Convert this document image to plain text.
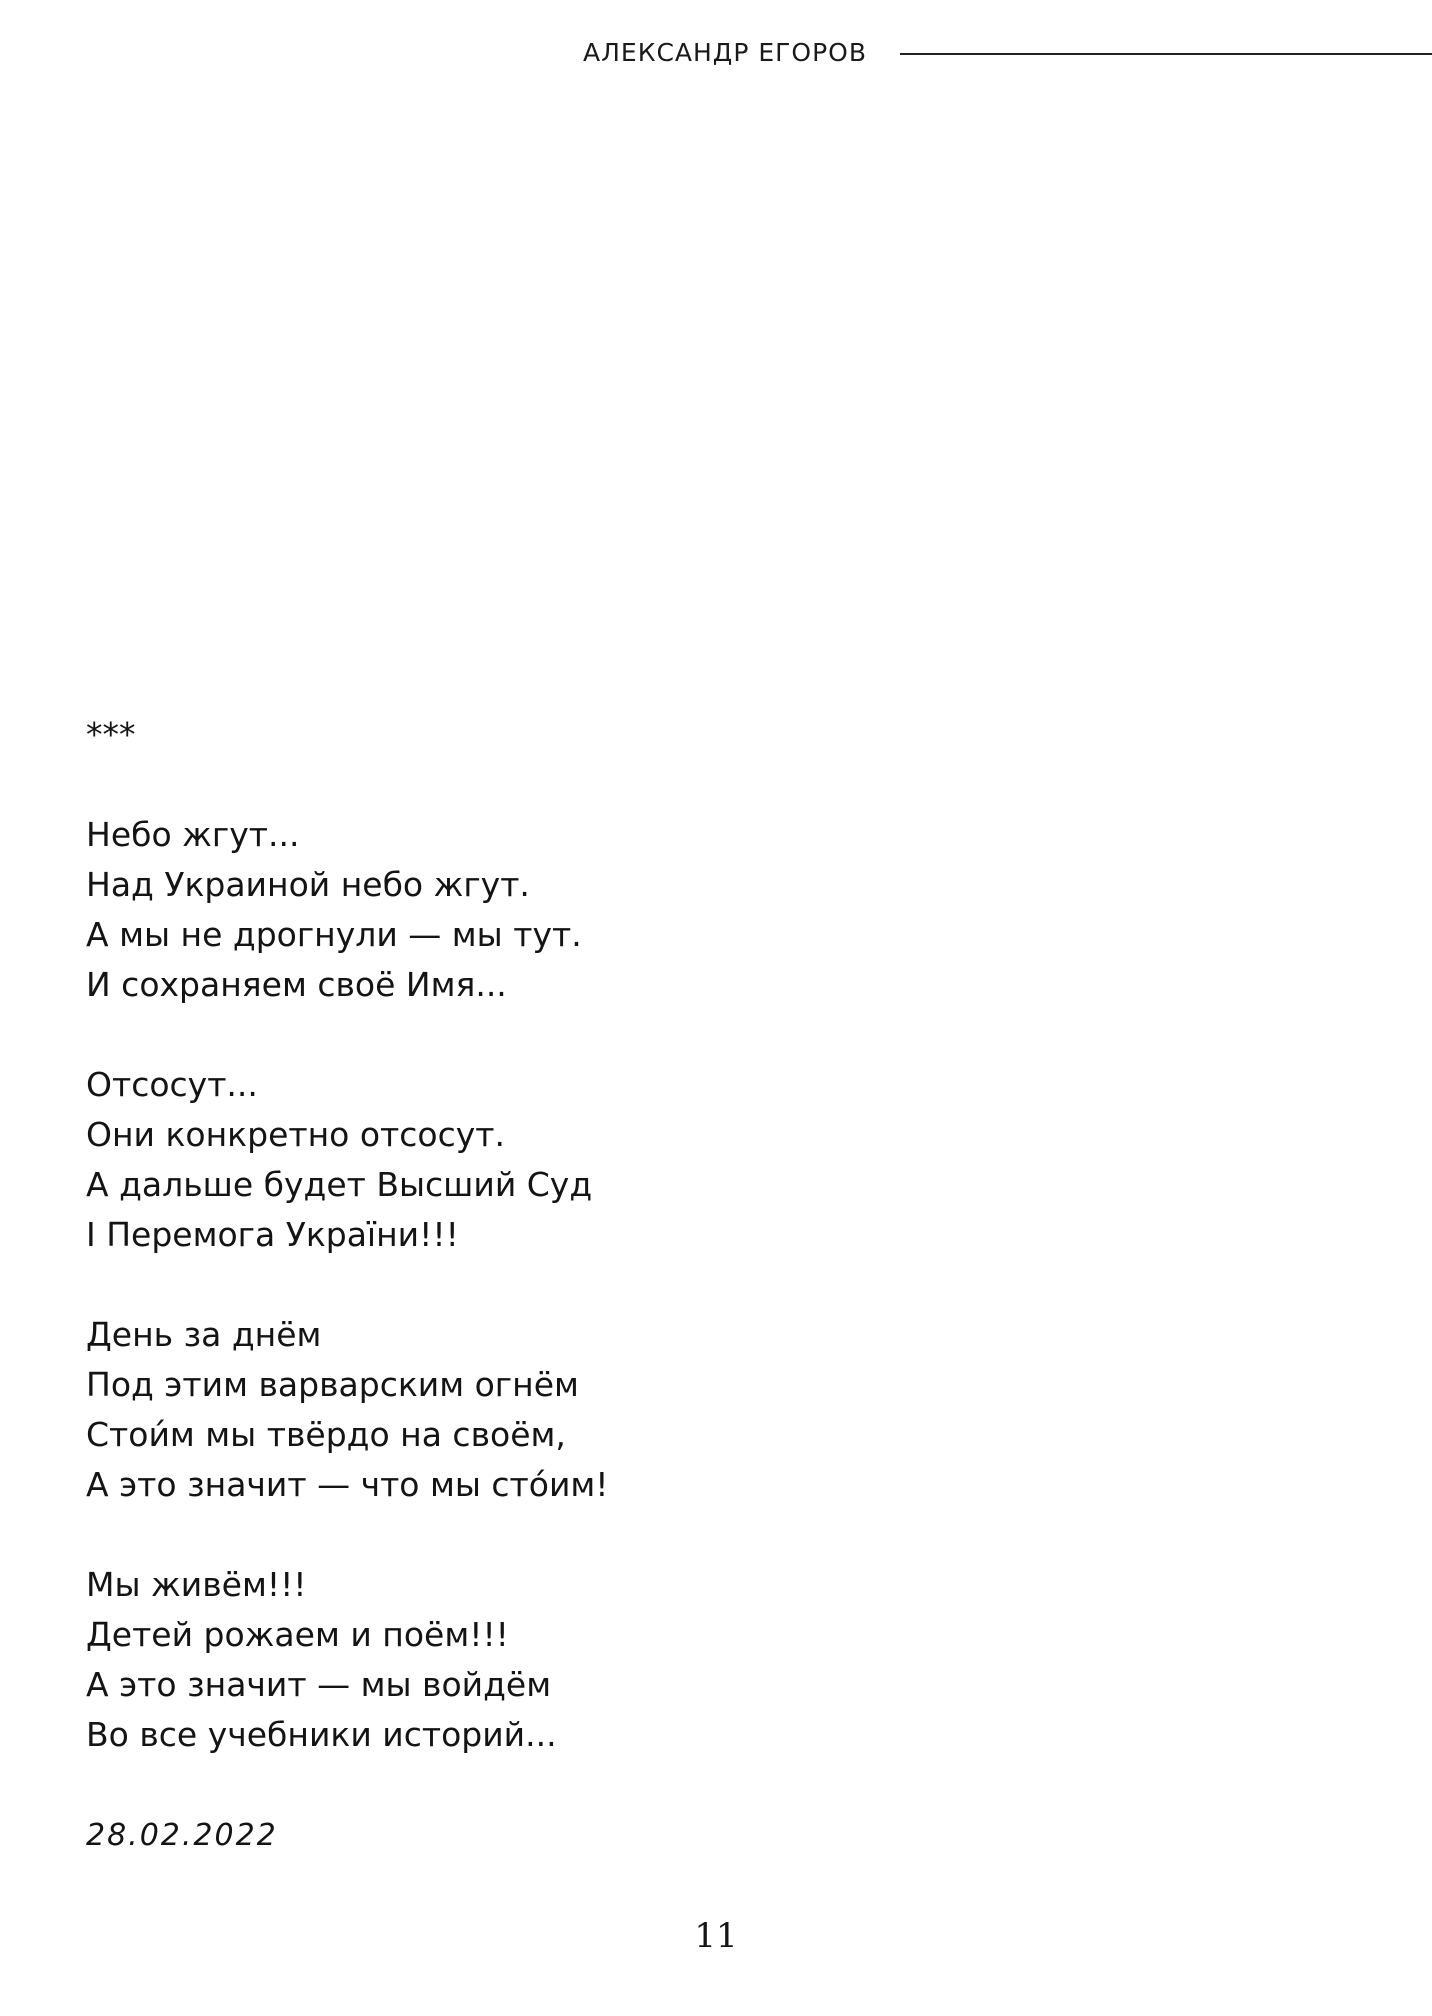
АЛЕКСАНДР ЕГОРОВ
***
Небо жгут...
Над Украиной небо жгут.
А мы не дрогнули — мы тут.
И сохраняем своё Имя...
Отсосут...
Они конкретно отсосут.
А дальше будет Высший Суд
І Перемога України!!!
День за днём
Под этим варварским огнём
Стои́м мы твёрдо на своём,
А это значит — что мы сто́им!
Мы живём!!!
Детей рожаем и поём!!!
А это значит — мы войдём
Во все учебники историй...
28.02.2022
11
